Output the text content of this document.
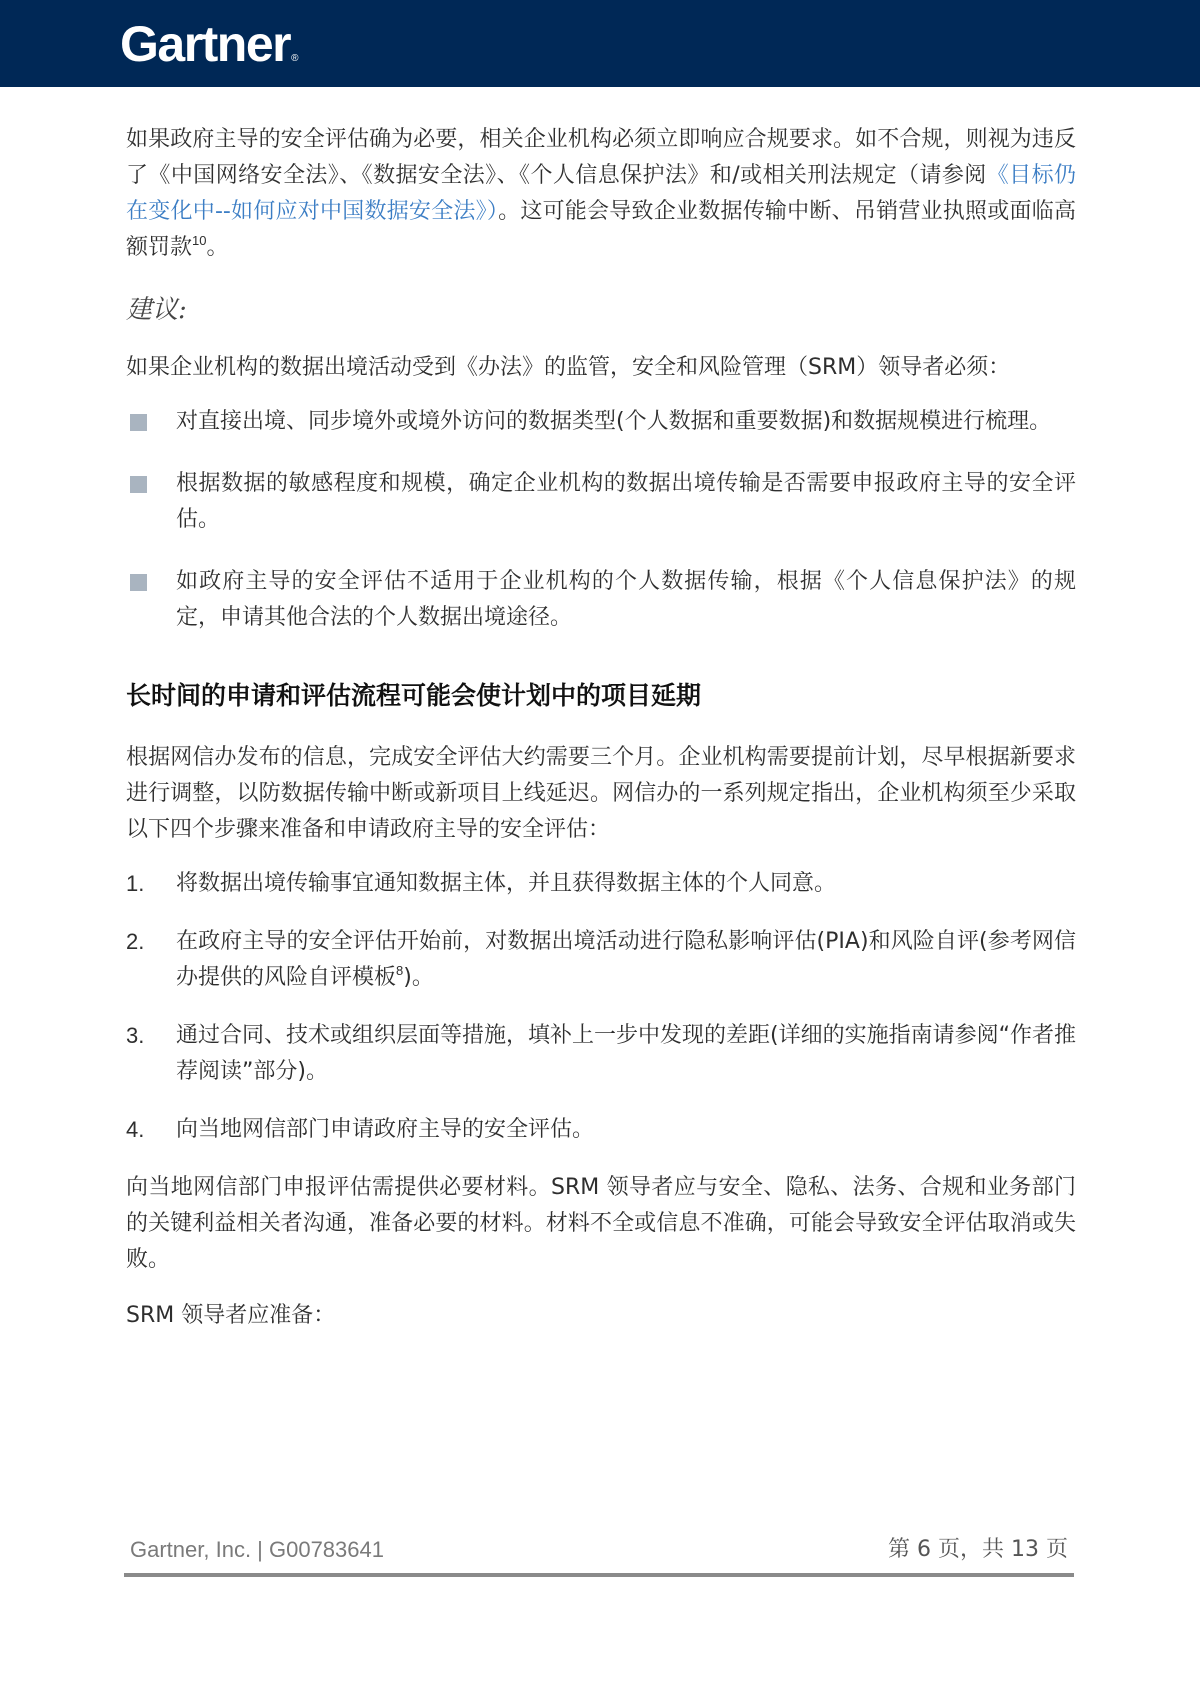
Gartner®

如果政府主导的安全评估确为必要，相关企业机构必须立即响应合规要求。如不合规，则视为违反了《中国网络安全法》、《数据安全法》、《个人信息保护法》和/或相关刑法规定（请参阅《目标仍在变化中--如何应对中国数据安全法》）。这可能会导致企业数据传输中断、吊销营业执照或面临高额罚款$^{10}$。

建议:

如果企业机构的数据出境活动受到《办法》的监管，安全和风险管理（SRM）领导者必须：

对直接出境、同步境外或境外访问的数据类型(个人数据和重要数据)和数据规模进行梳理。
根据数据的敏感程度和规模，确定企业机构的数据出境传输是否需要申报政府主导的安全评估。
如政府主导的安全评估不适用于企业机构的个人数据传输，根据《个人信息保护法》的规定，申请其他合法的个人数据出境途径。
长时间的申请和评估流程可能会使计划中的项目延期

根据网信办发布的信息，完成安全评估大约需要三个月。企业机构需要提前计划，尽早根据新要求进行调整，以防数据传输中断或新项目上线延迟。网信办的一系列规定指出，企业机构须至少采取以下四个步骤来准备和申请政府主导的安全评估：

1. 将数据出境传输事宜通知数据主体，并且获得数据主体的个人同意。
2. 在政府主导的安全评估开始前，对数据出境活动进行隐私影响评估(PIA)和风险自评(参考网信办提供的风险自评模板$^8$)。
3. 通过合同、技术或组织层面等措施，填补上一步中发现的差距(详细的实施指南请参阅“作者推荐阅读”部分)。
4. 向当地网信部门申请政府主导的安全评估。

向当地网信部门申报评估需提供必要材料。SRM 领导者应与安全、隐私、法务、合规和业务部门的关键利益相关者沟通，准备必要的材料。材料不全或信息不准确，可能会导致安全评估取消或失败。

SRM 领导者应准备：

Gartner, Inc. | G00783641	第 6 页，共 13 页
